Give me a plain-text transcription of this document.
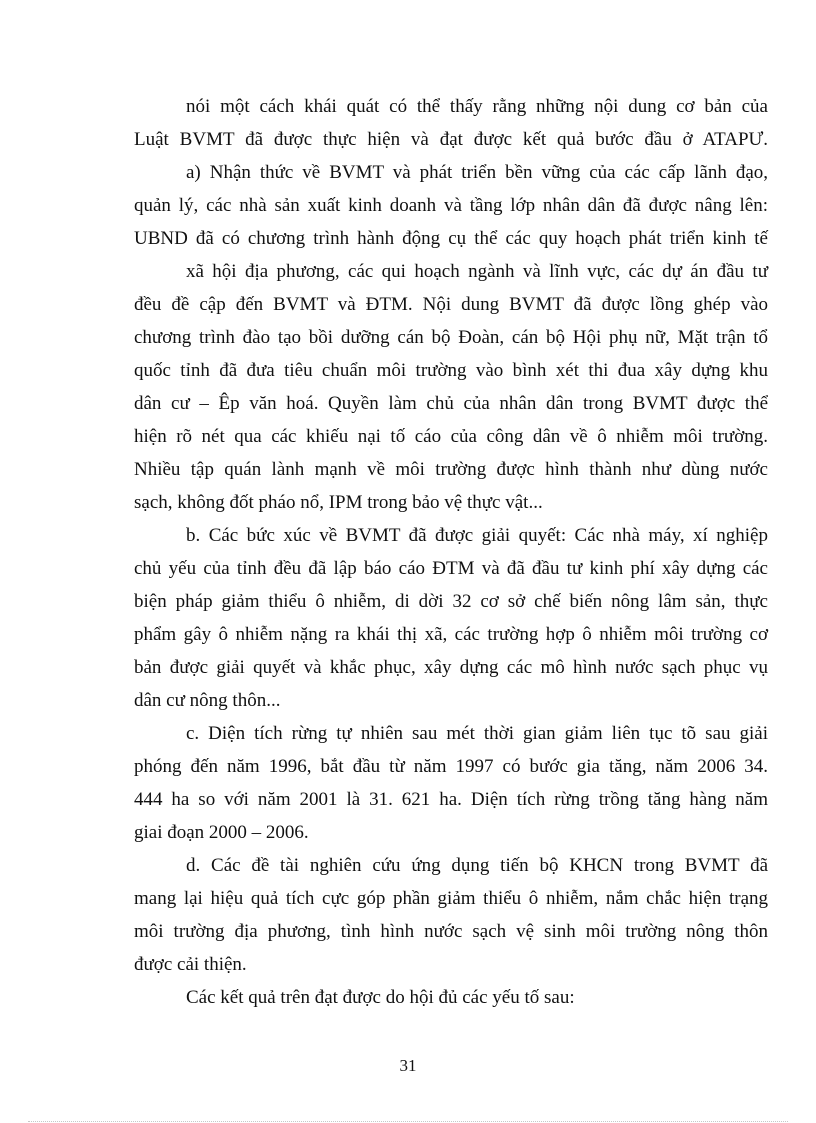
nói một cách khái quát có thể thấy rằng những nội dung cơ bản của
Luật BVMT đã được thực hiện và đạt được kết quả bước đầu ở ATAPƯ.
a) Nhận thức về BVMT và phát triển bền vững của các cấp lãnh đạo,
quản lý, các nhà sản xuất kinh doanh và tầng lớp nhân dân đã được nâng lên:
UBND đã có chương trình hành động cụ thể các quy hoạch phát triển kinh tế
xã hội địa phương, các qui hoạch ngành và lĩnh vực, các dự án đầu tư
đều đề cập đến BVMT và ĐTM. Nội dung BVMT đã được lồng ghép vào
chương trình đào tạo bồi dưỡng cán bộ Đoàn, cán bộ Hội phụ nữ, Mặt trận tổ
quốc tỉnh đã đưa tiêu chuẩn môi trường vào bình xét thi đua xây dựng khu
dân cư – Êp văn hoá. Quyền làm chủ của nhân dân trong BVMT được thể
hiện rõ nét qua các khiếu nại tố cáo của công dân về ô nhiễm môi trường.
Nhiều tập quán lành mạnh về môi trường được hình thành như dùng nước
sạch, không đốt pháo nổ, IPM trong bảo vệ thực vật...
b. Các bức xúc về BVMT đã được giải quyết: Các nhà máy, xí nghiệp
chủ yếu của tỉnh đều đã lập báo cáo ĐTM và đã đầu tư kinh phí xây dựng các
biện pháp giảm thiểu ô nhiễm, di dời 32 cơ sở chế biến nông lâm sản, thực
phẩm gây ô nhiễm nặng ra khái thị xã, các trường hợp ô nhiễm môi trường cơ
bản được giải quyết và khắc phục, xây dựng các mô hình nước sạch phục vụ
dân cư nông thôn...
c. Diện tích rừng tự nhiên sau mét thời gian giảm liên tục tõ sau giải
phóng đến năm 1996, bắt đầu từ năm 1997 có bước gia tăng, năm 2006 34.
444 ha so với năm 2001 là 31. 621 ha. Diện tích rừng trồng tăng hàng năm
giai đoạn 2000 – 2006.
d. Các đề tài nghiên cứu ứng dụng tiến bộ KHCN trong BVMT đã
mang lại hiệu quả tích cực góp phần giảm thiểu ô nhiễm, nắm chắc hiện trạng
môi trường địa phương, tình hình nước sạch vệ sinh môi trường nông thôn
được cải thiện.
Các kết quả trên đạt được do hội đủ các yếu tố sau:
31
